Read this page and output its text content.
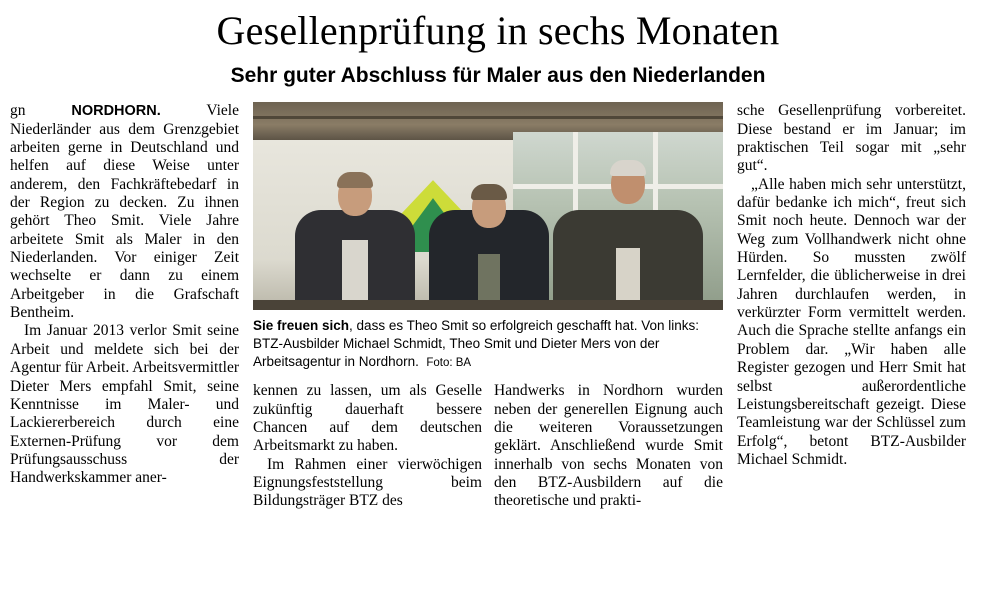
Gesellenprüfung in sechs Monaten
Sehr guter Abschluss für Maler aus den Niederlanden

gn	NORDHORN.	Viele Niederländer aus dem Grenzgebiet arbeiten gerne in Deutschland und helfen auf diese Weise unter anderem, den Fachkräftebedarf in der Region zu decken. Zu ihnen gehört Theo Smit. Viele Jahre arbeitete Smit als Maler in den Niederlanden. Vor einiger Zeit wechselte er dann zu einem Arbeitgeber in die Grafschaft Bentheim.

Im Januar 2013 verlor Smit seine Arbeit und meldete sich bei der Agentur für Arbeit. Arbeitsvermittler Dieter Mers empfahl Smit, seine Kenntnisse im Maler- und Lackiererbereich durch eine Externen-Prüfung vor dem Prüfungsausschuss der Handwerkskammer aner-

Sie freuen sich, dass es Theo Smit so erfolgreich geschafft hat. Von links: BTZ-Ausbilder Michael Schmidt, Theo Smit und Dieter Mers von der Arbeitsagentur in Nordhorn. Foto: BA

kennen zu lassen, um als Geselle zukünftig dauerhaft bessere Chancen auf dem deutschen Arbeitsmarkt zu haben.

Im Rahmen einer vierwöchigen Eignungsfeststellung beim Bildungsträger BTZ des

Handwerks in Nordhorn wurden neben der generellen Eignung auch die weiteren Voraussetzungen geklärt. Anschließend wurde Smit innerhalb von sechs Monaten von den BTZ-Ausbildern auf die theoretische und prakti-

sche Gesellenprüfung vorbereitet. Diese bestand er im Januar; im praktischen Teil sogar mit „sehr gut“.

„Alle haben mich sehr unterstützt, dafür bedanke ich mich“, freut sich Smit noch heute. Dennoch war der Weg zum Vollhandwerk nicht ohne Hürden. So mussten zwölf Lernfelder, die üblicherweise in drei Jahren durchlaufen werden, in verkürzter Form vermittelt werden. Auch die Sprache stellte anfangs ein Problem dar. „Wir haben alle Register gezogen und Herr Smit hat selbst außerordentliche Leistungsbereitschaft gezeigt. Diese Teamleistung war der Schlüssel zum Erfolg“, betont BTZ-Ausbilder Michael Schmidt.
